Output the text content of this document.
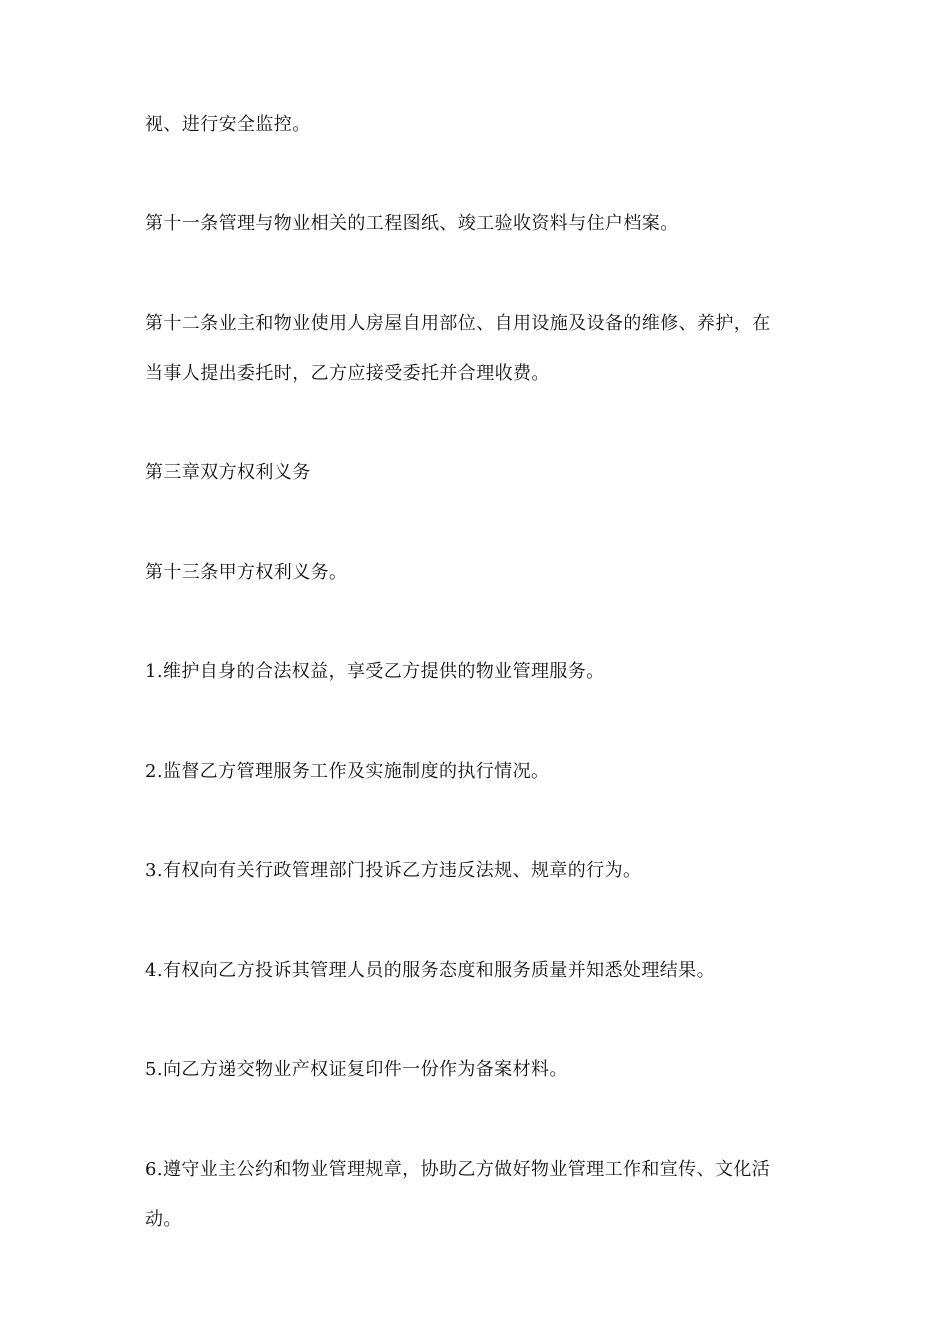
视、进行安全监控。
第十一条管理与物业相关的工程图纸、竣工验收资料与住户档案。
第十二条业主和物业使用人房屋自用部位、自用设施及设备的维修、养护，在
当事人提出委托时，乙方应接受委托并合理收费。
第三章双方权利义务
第十三条甲方权利义务。
1.维护自身的合法权益，享受乙方提供的物业管理服务。
2.监督乙方管理服务工作及实施制度的执行情况。
3.有权向有关行政管理部门投诉乙方违反法规、规章的行为。
4.有权向乙方投诉其管理人员的服务态度和服务质量并知悉处理结果。
5.向乙方递交物业产权证复印件一份作为备案材料。
6.遵守业主公约和物业管理规章，协助乙方做好物业管理工作和宣传、文化活
动。
